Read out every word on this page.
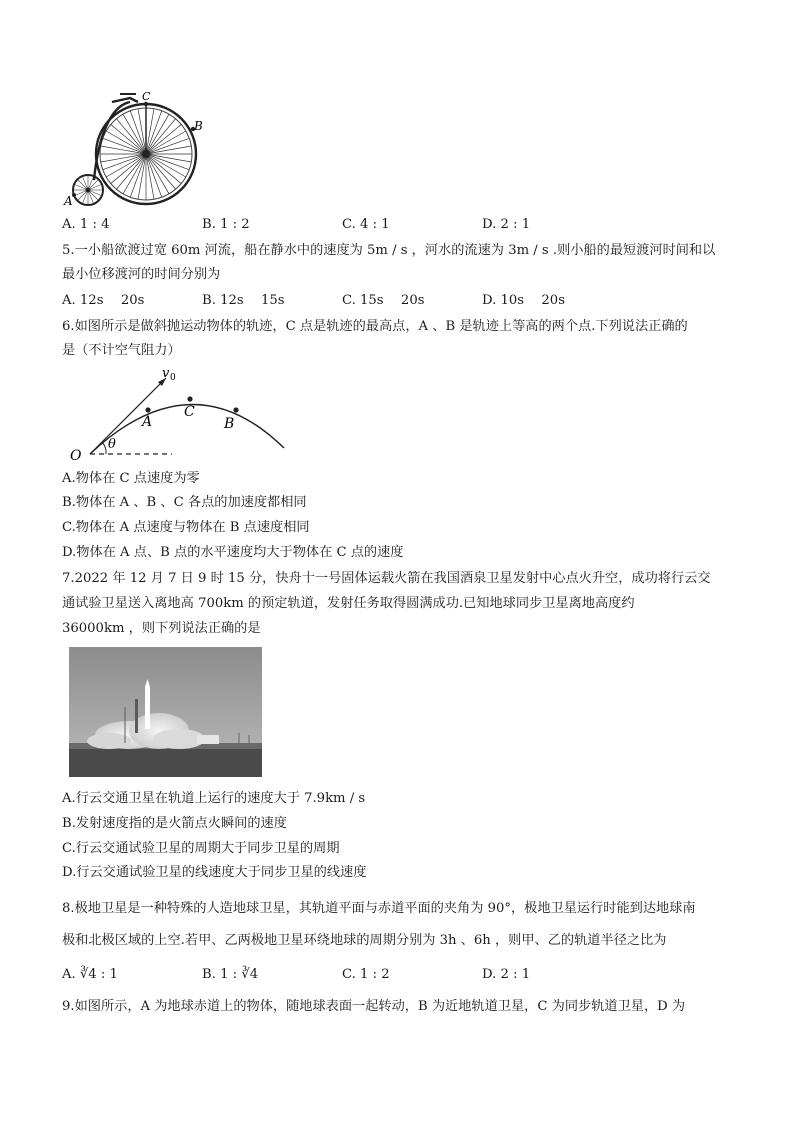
C
B
A
A. 1 : 4	B. 1 : 2	C. 4 : 1	D. 2 : 1
5.一小船欲渡过宽 60m 河流，船在静水中的速度为 5m / s ，河水的流速为 3m / s .则小船的最短渡河时间和以
最小位移渡河的时间分别为
A. 12s　 20s	B. 12s　 15s	C. 15s　 20s	D. 10s　 20s
6.如图所示是做斜抛运动物体的轨迹，C 点是轨迹的最高点，A 、B 是轨迹上等高的两个点.下列说法正确的
是（不计空气阻力）
v 0
A
C
B
O
θ
A.物体在 C 点速度为零
B.物体在 A 、B 、C 各点的加速度都相同
C.物体在 A 点速度与物体在 B 点速度相同
D.物体在 A 点、B 点的水平速度均大于物体在 C 点的速度
7.2022 年 12 月 7 日 9 时 15 分，快舟十一号固体运载火箭在我国酒泉卫星发射中心点火升空，成功将行云交
通试验卫星送入离地高 700km 的预定轨道，发射任务取得圆满成功.已知地球同步卫星离地高度约
36000km ，则下列说法正确的是
A.行云交通卫星在轨道上运行的速度大于 7.9km / s
B.发射速度指的是火箭点火瞬间的速度
C.行云交通试验卫星的周期大于同步卫星的周期
D.行云交通试验卫星的线速度大于同步卫星的线速度
8.极地卫星是一种特殊的人造地球卫星，其轨道平面与赤道平面的夹角为 90°，极地卫星运行时能到达地球南
极和北极区域的上空.若甲、乙两极地卫星环绕地球的周期分别为 3h 、6h ，则甲、乙的轨道半径之比为
A. ∛4 : 1	B. 1 : ∛4	C. 1 : 2	D. 2 : 1
9.如图所示，A 为地球赤道上的物体，随地球表面一起转动，B 为近地轨道卫星，C 为同步轨道卫星，D 为
